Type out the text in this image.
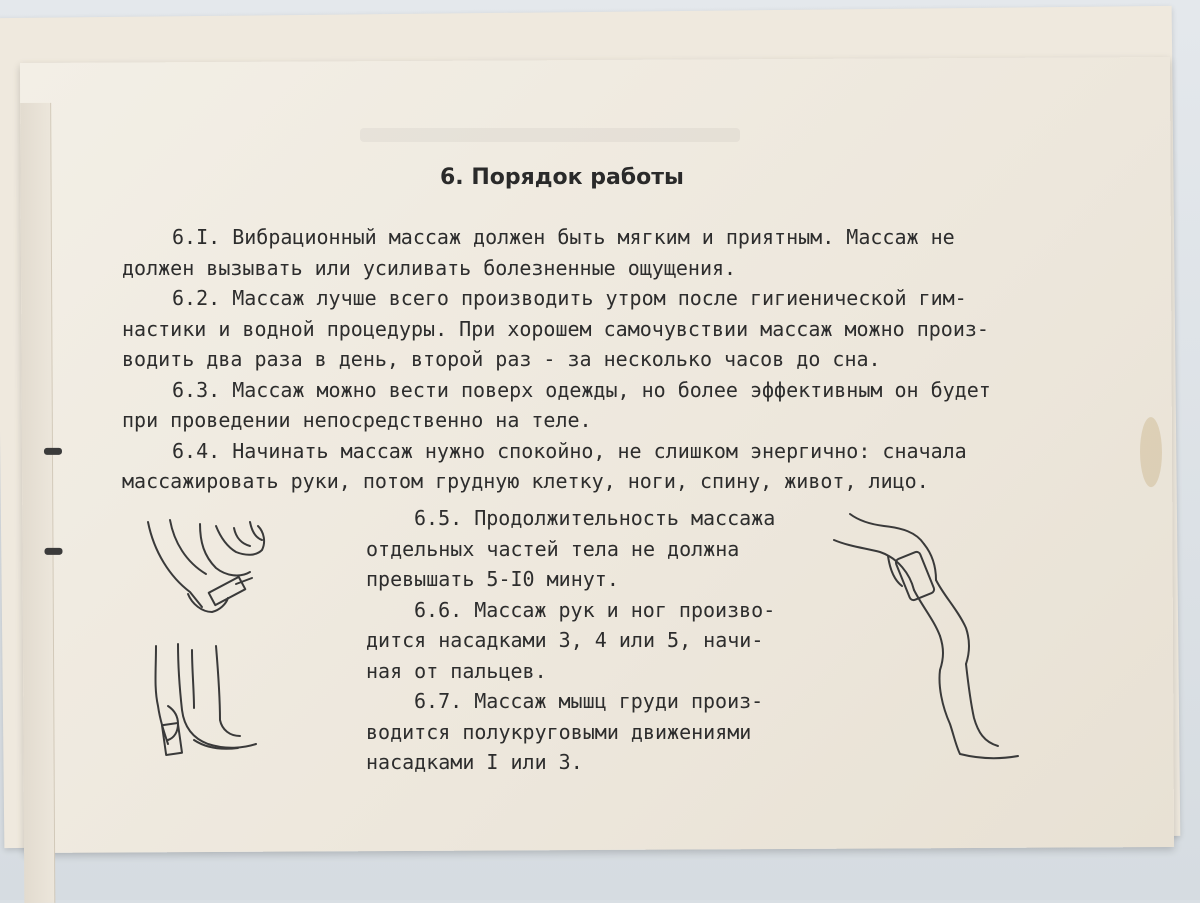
6. Порядок работы

6.I. Вибрационный массаж должен быть мягким и приятным. Массаж не

должен вызывать или усиливать болезненные ощущения.

6.2. Массаж лучше всего производить утром после гигиенической гим-

настики и водной процедуры. При хорошем самочувствии массаж можно произ-

водить два раза в день, второй раз - за несколько часов до сна.

6.3. Массаж можно вести поверх одежды, но более эффективным он будет

при проведении непосредственно на теле.

6.4. Начинать массаж нужно спокойно, не слишком энергично: сначала

массажировать руки, потом грудную клетку, ноги, спину, живот, лицо.

6.5. Продолжительность массажа

отдельных частей тела не должна

превышать 5-I0 минут.

6.6. Массаж рук и ног произво-

дится насадками 3, 4 или 5, начи-

ная от пальцев.

6.7. Массаж мышц груди произ-

водится полукруговыми движениями

насадками I или 3.
